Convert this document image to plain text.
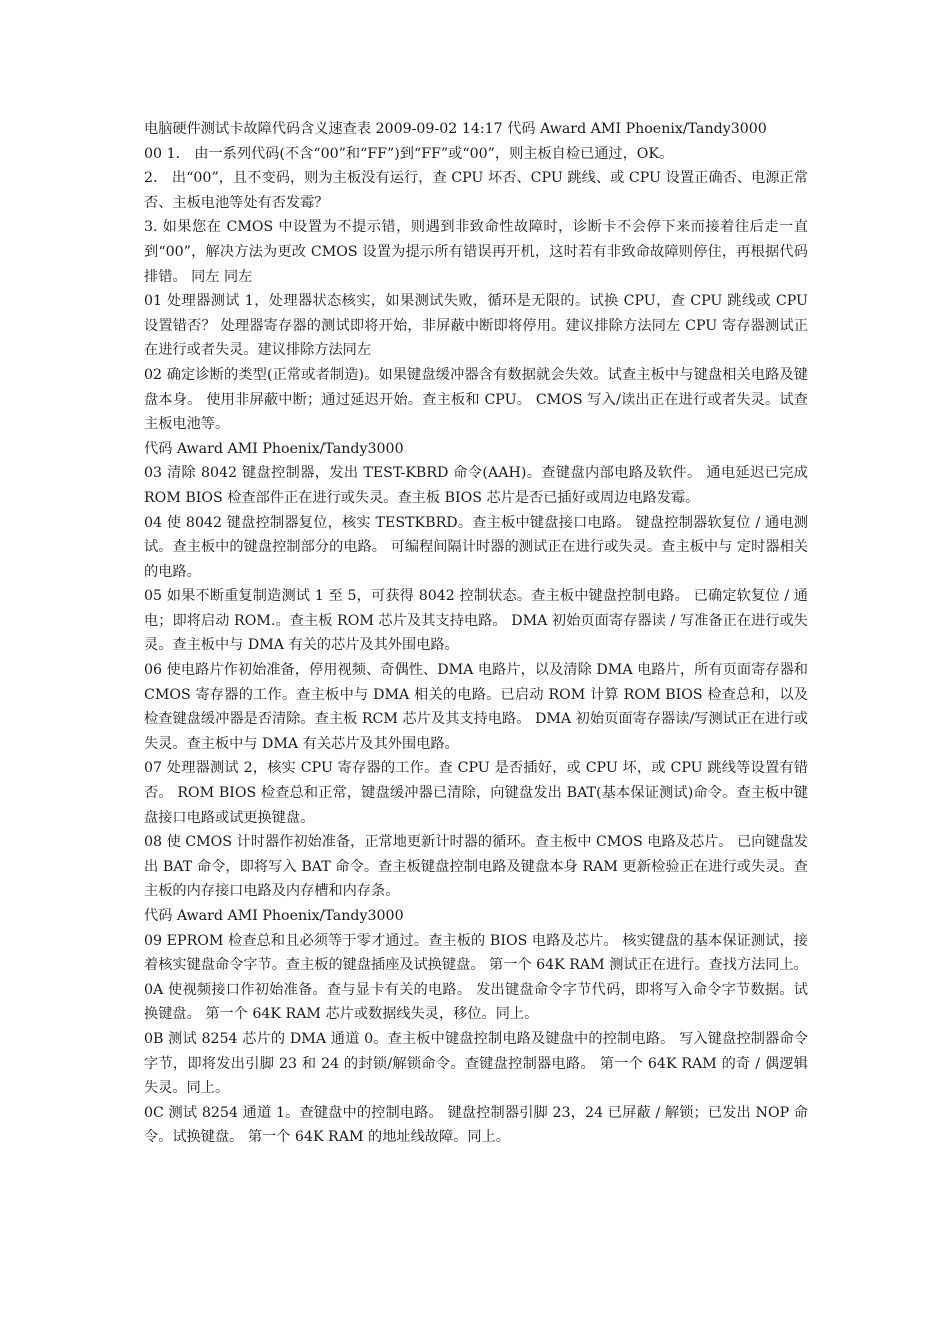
电脑硬件测试卡故障代码含义速查表 2009-09-02 14:17 代码 Award AMI Phoenix/Tandy3000

00 1． 由一系列代码(不含“00”和“FF”)到“FF”或“00”，则主板自检已通过，OK。

2． 出“00”，且不变码，则为主板没有运行，查 CPU 坏否、CPU 跳线、或 CPU 设置正确否、电源正常否、主板电池等处有否发霉？

3. 如果您在 CMOS 中设置为不提示错，则遇到非致命性故障时，诊断卡不会停下来而接着往后走一直到“00”，解决方法为更改 CMOS 设置为提示所有错误再开机，这时若有非致命故障则停住，再根据代码排错。 同左 同左

01 处理器测试 1，处理器状态核实，如果测试失败，循环是无限的。试换 CPU，查 CPU 跳线或 CPU 设置错否？ 处理器寄存器的测试即将开始，非屏蔽中断即将停用。建议排除方法同左 CPU 寄存器测试正在进行或者失灵。建议排除方法同左

02 确定诊断的类型(正常或者制造)。如果键盘缓冲器含有数据就会失效。试查主板中与键盘相关电路及键盘本身。 使用非屏蔽中断；通过延迟开始。查主板和 CPU。 CMOS 写入/读出正在进行或者失灵。试查主板电池等。

代码 Award AMI Phoenix/Tandy3000

03 清除 8042 键盘控制器，发出 TEST-KBRD 命令(AAH)。查键盘内部电路及软件。 通电延迟已完成 ROM BIOS 检查部件正在进行或失灵。查主板 BIOS 芯片是否已插好或周边电路发霉。

04 使 8042 键盘控制器复位，核实 TESTKBRD。查主板中键盘接口电路。 键盘控制器软复位 / 通电测试。查主板中的键盘控制部分的电路。 可编程间隔计时器的测试正在进行或失灵。查主板中与 定时器相关的电路。

05 如果不断重复制造测试 1 至 5，可获得 8042 控制状态。查主板中键盘控制电路。 已确定软复位 / 通电；即将启动 ROM.。查主板 ROM 芯片及其支持电路。 DMA 初始页面寄存器读 / 写准备正在进行或失灵。查主板中与 DMA 有关的芯片及其外围电路。

06 使电路片作初始准备，停用视频、奇偶性、DMA 电路片，以及清除 DMA 电路片，所有页面寄存器和 CMOS 寄存器的工作。查主板中与 DMA 相关的电路。已启动 ROM 计算 ROM BIOS 检查总和，以及检查键盘缓冲器是否清除。查主板 RCM 芯片及其支持电路。 DMA 初始页面寄存器读/写测试正在进行或失灵。查主板中与 DMA 有关芯片及其外围电路。

07 处理器测试 2，核实 CPU 寄存器的工作。查 CPU 是否插好，或 CPU 坏，或 CPU 跳线等设置有错否。 ROM BIOS 检查总和正常，键盘缓冲器已清除，向键盘发出 BAT(基本保证测试)命令。查主板中键盘接口电路或试更换键盘。

08 使 CMOS 计时器作初始准备，正常地更新计时器的循环。查主板中 CMOS 电路及芯片。 已向键盘发出 BAT 命令，即将写入 BAT 命令。查主板键盘控制电路及键盘本身 RAM 更新检验正在进行或失灵。查主板的内存接口电路及内存槽和内存条。

代码 Award AMI Phoenix/Tandy3000

09 EPROM 检查总和且必须等于零才通过。查主板的 BIOS 电路及芯片。 核实键盘的基本保证测试，接着核实键盘命令字节。查主板的键盘插座及试换键盘。 第一个 64K RAM 测试正在进行。查找方法同上。

0A 使视频接口作初始准备。查与显卡有关的电路。 发出键盘命令字节代码，即将写入命令字节数据。试换键盘。 第一个 64K RAM 芯片或数据线失灵，移位。同上。

0B 测试 8254 芯片的 DMA 通道 0。查主板中键盘控制电路及键盘中的控制电路。 写入键盘控制器命令字节，即将发出引脚 23 和 24 的封锁/解锁命令。查键盘控制器电路。 第一个 64K RAM 的奇 / 偶逻辑失灵。同上。

0C 测试 8254 通道 1。查键盘中的控制电路。 键盘控制器引脚 23，24 已屏蔽 / 解锁；已发出 NOP 命令。试换键盘。 第一个 64K RAM 的地址线故障。同上。
